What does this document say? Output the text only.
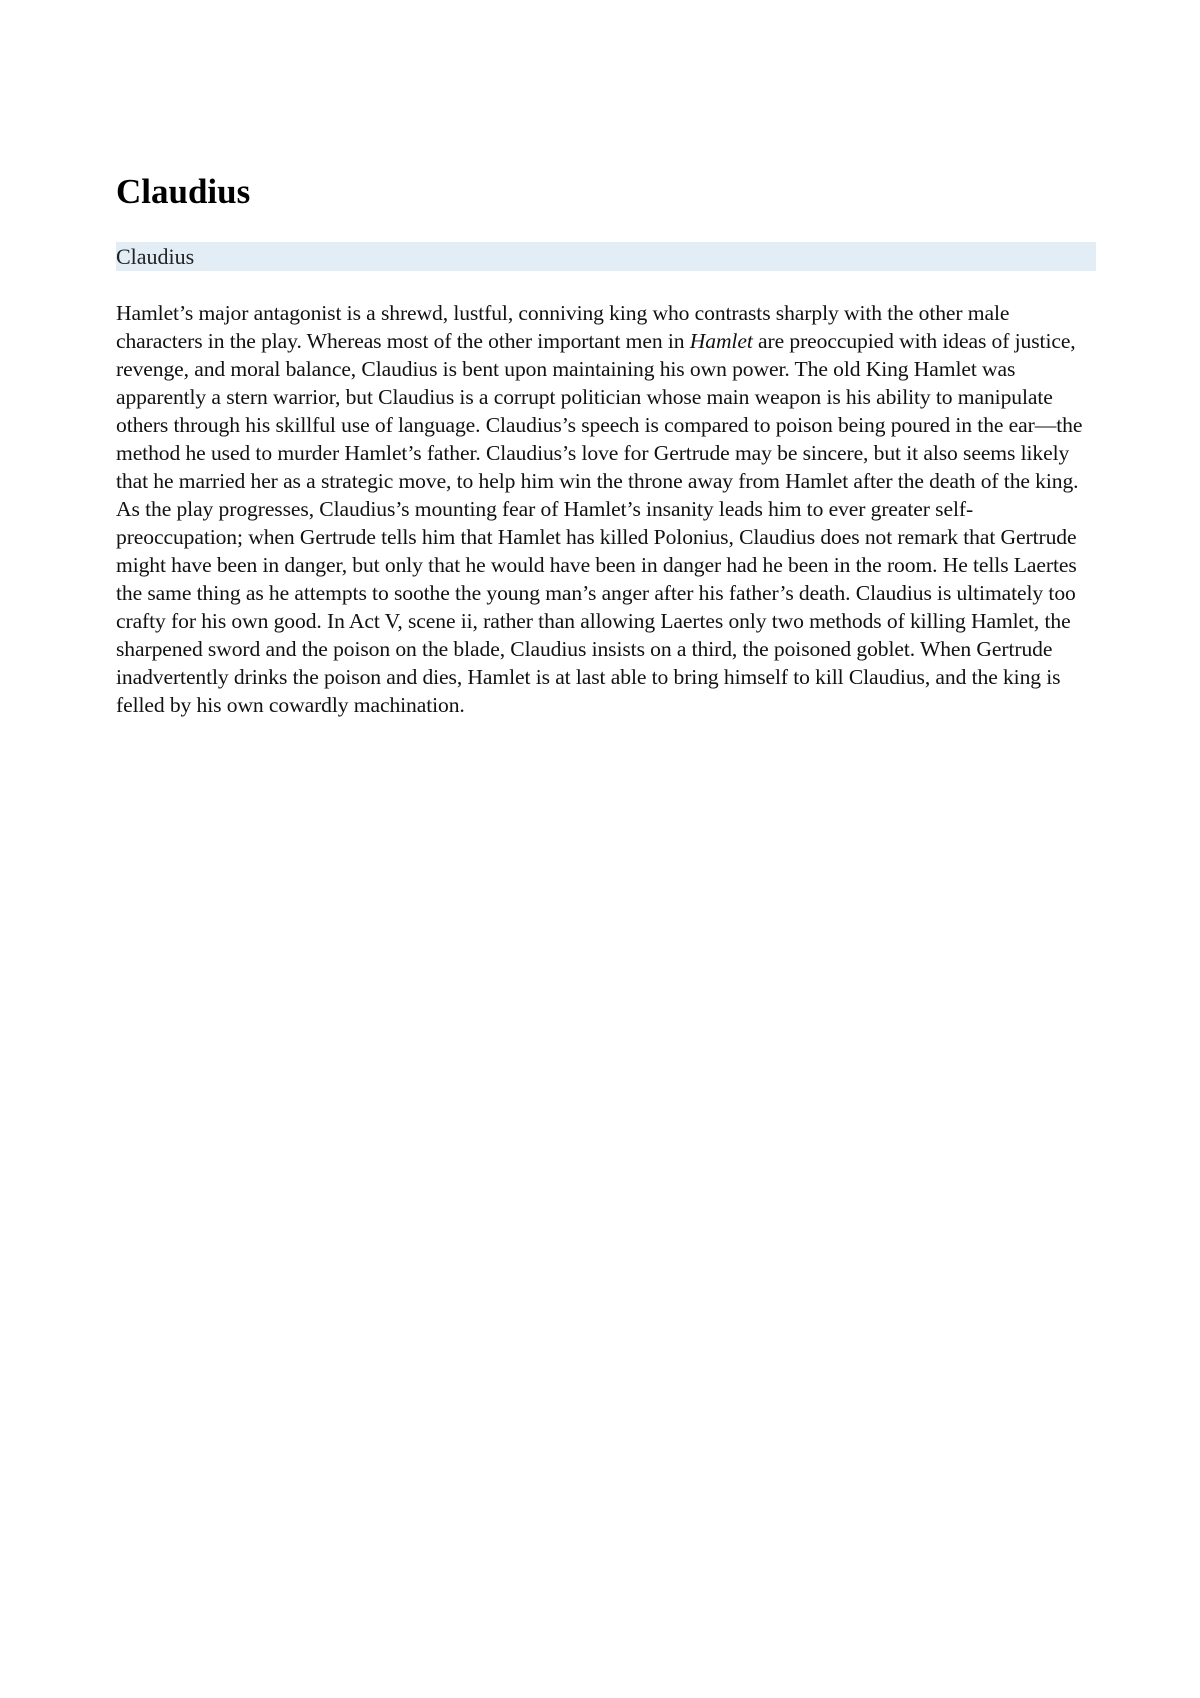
Claudius
Claudius

Hamlet’s major antagonist is a shrewd, lustful, conniving king who contrasts sharply with the other male characters in the play. Whereas most of the other important men in Hamlet are preoccupied with ideas of justice, revenge, and moral balance, Claudius is bent upon maintaining his own power. The old King Hamlet was apparently a stern warrior, but Claudius is a corrupt politician whose main weapon is his ability to manipulate others through his skillful use of language. Claudius’s speech is compared to poison being poured in the ear—the method he used to murder Hamlet’s father. Claudius’s love for Gertrude may be sincere, but it also seems likely that he married her as a strategic move, to help him win the throne away from Hamlet after the death of the king. As the play progresses, Claudius’s mounting fear of Hamlet’s insanity leads him to ever greater self-preoccupation; when Gertrude tells him that Hamlet has killed Polonius, Claudius does not remark that Gertrude might have been in danger, but only that he would have been in danger had he been in the room. He tells Laertes the same thing as he attempts to soothe the young man’s anger after his father’s death. Claudius is ultimately too crafty for his own good. In Act V, scene ii, rather than allowing Laertes only two methods of killing Hamlet, the sharpened sword and the poison on the blade, Claudius insists on a third, the poisoned goblet. When Gertrude inadvertently drinks the poison and dies, Hamlet is at last able to bring himself to kill Claudius, and the king is felled by his own cowardly machination.
